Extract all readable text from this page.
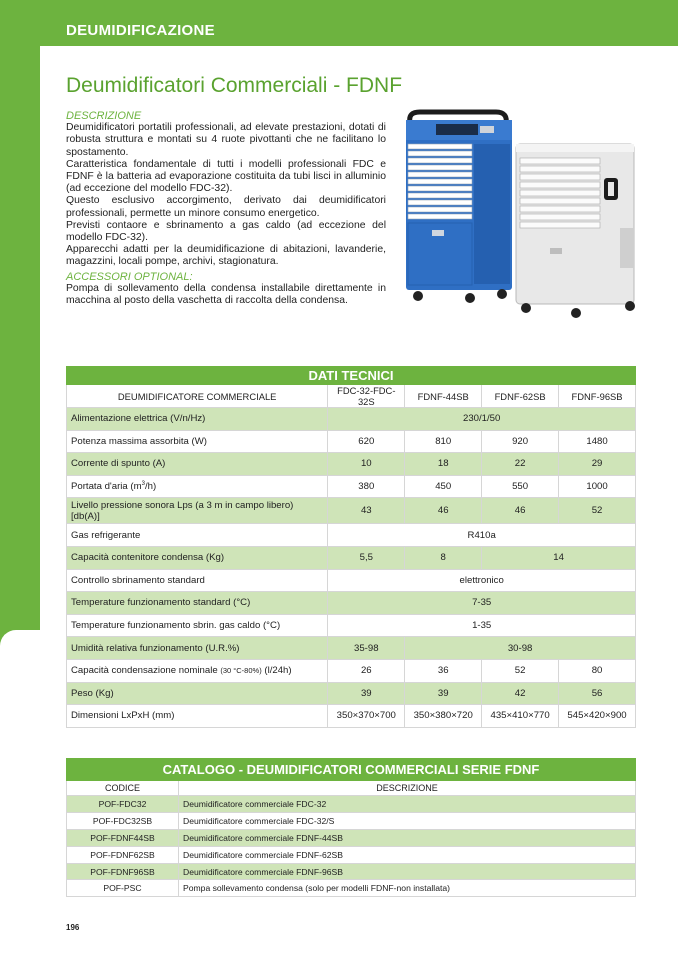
DEUMIDIFICAZIONE
Deumidificatori Commerciali - FDNF
DESCRIZIONE

Deumidificatori portatili professionali, ad elevate prestazioni, dotati di robusta struttura e montati su 4 ruote pivottanti che ne facilitano lo spostamento.

Caratteristica fondamentale di tutti i modelli professionali FDC e FDNF è la batteria ad evaporazione costituita da tubi lisci in alluminio (ad eccezione del modello FDC-32).

Questo esclusivo accorgimento, derivato dai deumidificatori professionali, permette un minore consumo energetico.

Previsti contaore e sbrinamento a gas caldo (ad eccezione del modello FDC-32).

Apparecchi adatti per la deumidificazione di abitazioni, lavanderie, magazzini, locali pompe, archivi, stagionatura.

ACCESSORI OPTIONAL:

Pompa di sollevamento della condensa installabile direttamente in macchina al posto della vaschetta di raccolta della condensa.

DATI TECNICI				
DEUMIDIFICATORE COMMERCIALE	FDC-32-FDC-32S	FDNF-44SB	FDNF-62SB	FDNF-96SB
Alimentazione elettrica (V/n/Hz)	230/1/50			
Potenza massima assorbita (W)	620	810	920	1480
Corrente di spunto (A)	10	18	22	29
Portata d'aria $(m^3/h)$	380	450	550	1000
Livello pressione sonora Lps (a 3 m in campo libero) [db(A)]	43	46	46	52
Gas refrigerante	R410a			
Capacità contenitore condensa (Kg)	5,5	8	14	
Controllo sbrinamento standard	elettronico			
Temperature funzionamento standard (°C)	7-35			
Temperature funzionamento sbrin. gas caldo (°C)	1-35			
Umidità relativa funzionamento (U.R.%)	35-98	30-98		
Capacità condensazione nominale (30 °C-80%) (l/24h)	26	36	52	80
Peso (Kg)	39	39	42	56
Dimensioni LxPxH (mm)	350×370×700	350×380×720	435×410×770	545×420×900
CATALOGO - DEUMIDIFICATORI COMMERCIALI SERIE FDNF	
CODICE	DESCRIZIONE
POF-FDC32	Deumidificatore commerciale FDC-32
POF-FDC32SB	Deumidificatore commerciale FDC-32/S
POF-FDNF44SB	Deumidificatore commerciale FDNF-44SB
POF-FDNF62SB	Deumidificatore commerciale FDNF-62SB
POF-FDNF96SB	Deumidificatore commerciale FDNF-96SB
POF-PSC	Pompa sollevamento condensa (solo per modelli FDNF-non installata)
196
